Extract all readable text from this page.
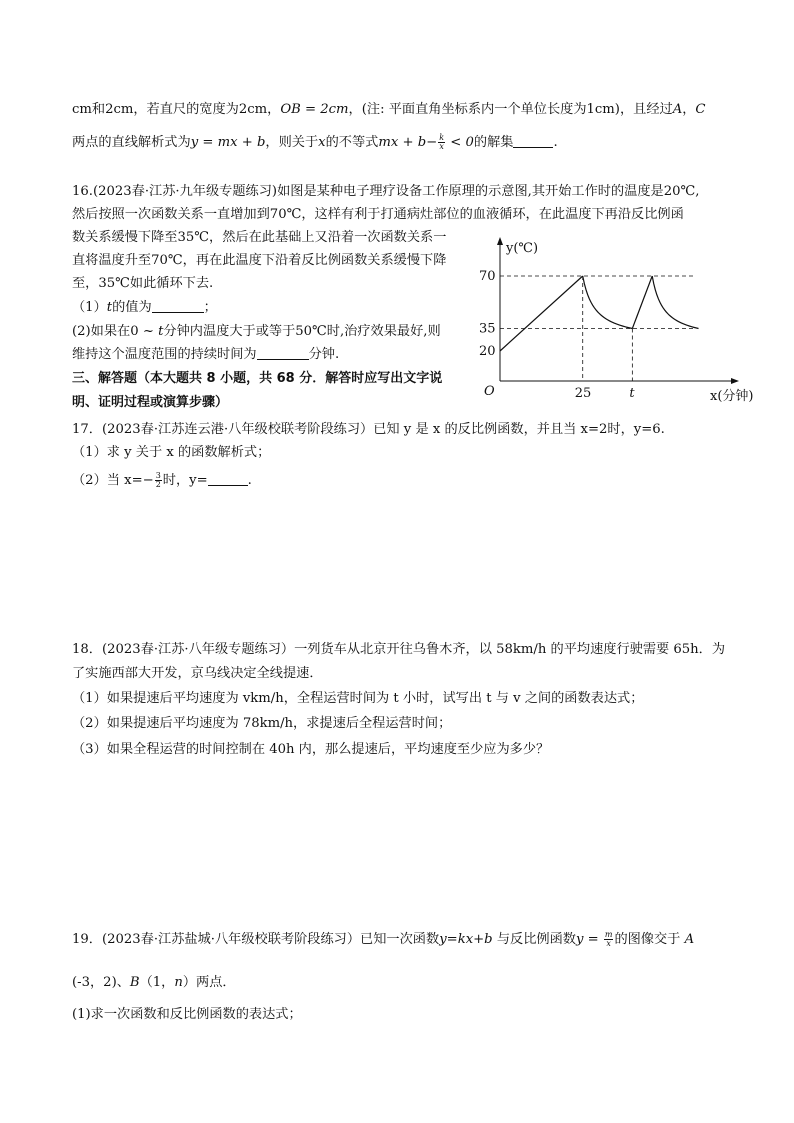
cm和2cm，若直尺的宽度为2cm，OB = 2cm，(注: 平面直角坐标系内一个单位长度为1cm)，且经过A，C
两点的直线解析式为y = mx + b，则关于x的不等式mx + $b- \frac{k}{x} < 0$的解集	.
16.(2023春·江苏·九年级专题练习)如图是某种电子理疗设备工作原理的示意图,其开始工作时的温度是20℃,
然后按照一次函数关系一直增加到70℃，这样有利于打通病灶部位的血液循环，在此温度下再沿反比例函
数关系缓慢下降至35℃，然后在此基础上又沿着一次函数关系一
直将温度升至70℃，再在此温度下沿着反比例函数关系缓慢下降
至，35℃如此循环下去.
（1）t的值为	；
(2)如果在0 ~ t分钟内温度大于或等于50℃时,治疗效果最好,则
维持这个温度范围的持续时间为	分钟.	20
35
70
25	t
O
y(℃)
x(分钟)
三、解答题（本大题共 8 小题，共 68 分．解答时应写出文字说
明、证明过程或演算步骤）
17．(2023春·江苏连云港·八年级校联考阶段练习）已知 y 是 x 的反比例函数，并且当 x=2时，y=6.
（1）求 y 关于 x 的函数解析式；
（2）当 $x=- \frac{3}{2}$ 时，y=	.
18．(2023春·江苏·八年级专题练习）一列货车从北京开往乌鲁木齐，以 58km/h 的平均速度行驶需要 65h．为
了实施西部大开发，京乌线决定全线提速．
（1）如果提速后平均速度为 vkm/h，全程运营时间为 t 小时，试写出 t 与 v 之间的函数表达式；
（2）如果提速后平均速度为 78km/h，求提速后全程运营时间；
（3）如果全程运营的时间控制在 40h 内，那么提速后，平均速度至少应为多少？
19．(2023春·江苏盐城·八年级校联考阶段练习）已知一次函数y=kx+b 与反比例函数$y = \frac{m}{x}$ 的图像交于 A
(-3，2)、B（1，n）两点．
(1)求一次函数和反比例函数的表达式；
